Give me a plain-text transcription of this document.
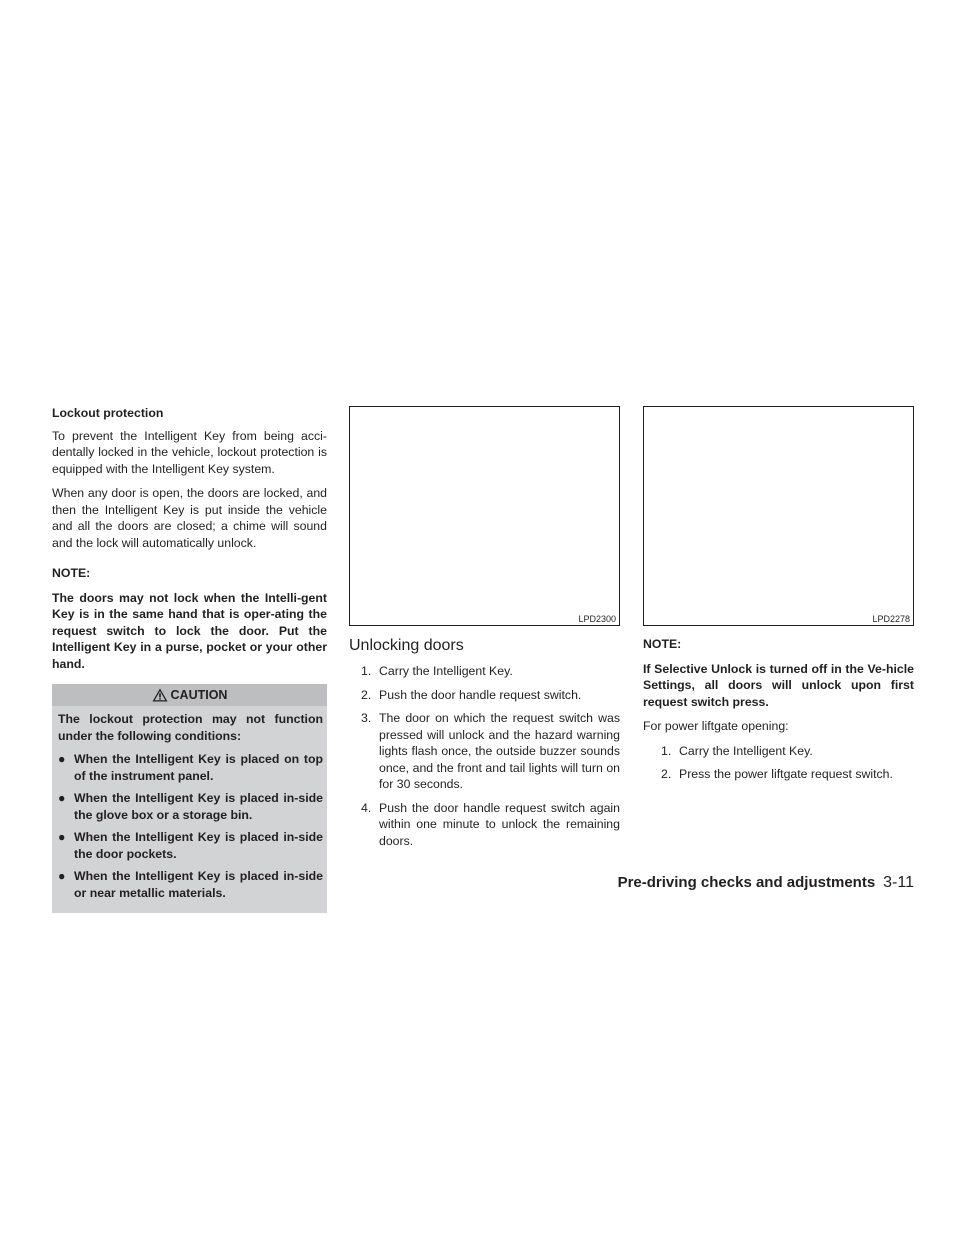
Lockout protection

To prevent the Intelligent Key from being acci-dentally locked in the vehicle, lockout protection is equipped with the Intelligent Key system.

When any door is open, the doors are locked, and then the Intelligent Key is put inside the vehicle and all the doors are closed; a chime will sound and the lock will automatically unlock.

NOTE:

The doors may not lock when the Intelli-gent Key is in the same hand that is oper-ating the request switch to lock the door. Put the Intelligent Key in a purse, pocket or your other hand.

CAUTION
The lockout protection may not function under the following conditions:
● When the Intelligent Key is placed on top of the instrument panel.
● When the Intelligent Key is placed in-side the glove box or a storage bin.
● When the Intelligent Key is placed in-side the door pockets.
● When the Intelligent Key is placed in-side or near metallic materials.
LPD2300
Unlocking doors
1. Carry the Intelligent Key.
2. Push the door handle request switch.
3. The door on which the request switch was pressed will unlock and the hazard warning lights flash once, the outside buzzer sounds once, and the front and tail lights will turn on for 30 seconds.
4. Push the door handle request switch again within one minute to unlock the remaining doors.
LPD2278
NOTE:

If Selective Unlock is turned off in the Ve-hicle Settings, all doors will unlock upon first request switch press.

For power liftgate opening:

1. Carry the Intelligent Key.
2. Press the power liftgate request switch.
Pre-driving checks and adjustments 3-11
